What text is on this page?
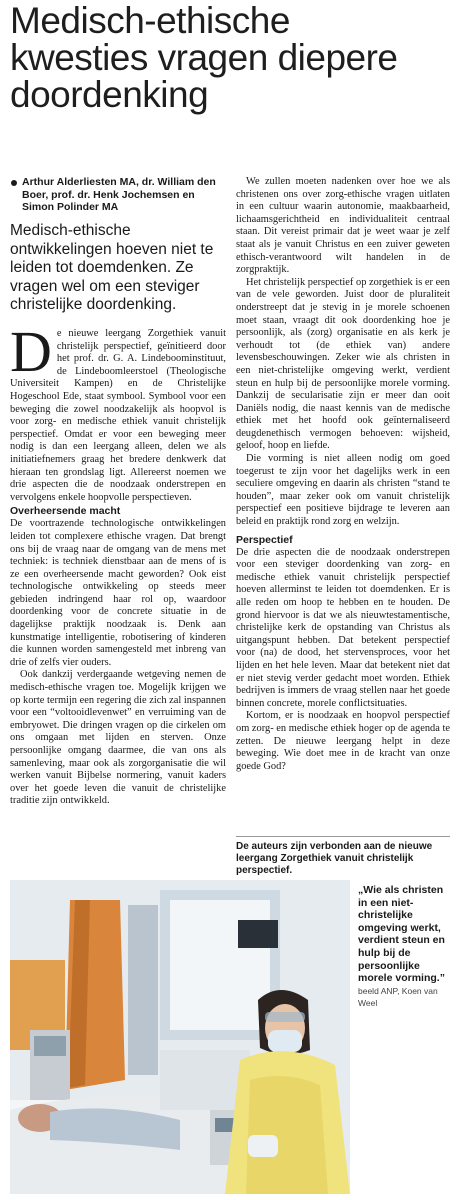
Medisch-ethische
kwesties vragen diepere
doordenking
Arthur Alderliesten MA, dr. William den Boer, prof. dr. Henk Jochemsen en Simon Polinder MA
Medisch-ethische ontwikkelingen hoeven niet te leiden tot doemdenken. Ze vragen wel om een steviger christelijke doordenking.

De nieuwe leergang Zorgethiek vanuit christelijk perspectief, geïnitieerd door het prof. dr. G. A. Lindeboominstituut, de Lindeboomleerstoel (Theologische Universiteit Kampen) en de Christelijke Hogeschool Ede, staat symbool. Symbool voor een beweging die zowel noodzakelijk als hoopvol is voor zorg- en medische ethiek vanuit christelijk perspectief. Omdat er voor een beweging meer nodig is dan een leergang alleen, delen we als initiatiefnemers graag het bredere denkwerk dat hieraan ten grondslag ligt. Allereerst noemen we drie aspecten die de noodzaak onderstrepen en vervolgens enkele hoopvolle perspectieven.

Overheersende macht

De voortrazende technologische ontwikkelingen leiden tot complexere ethische vragen. Dat brengt ons bij de vraag naar de omgang van de mens met techniek: is techniek dienstbaar aan de mens of is ze een overheersende macht geworden? Ook eist technologische ontwikkeling op steeds meer gebieden indringend haar rol op, waardoor doordenking voor de concrete situatie in de dagelijkse praktijk noodzaak is. Denk aan kunstmatige intelligentie, robotisering of kinderen die kunnen worden samengesteld met inbreng van drie of zelfs vier ouders.

Ook dankzij verdergaande wetgeving nemen de medisch-ethische vragen toe. Mogelijk krijgen we op korte termijn een regering die zich zal inspannen voor een “voltooidlevenwet” en verruiming van de embryowet. Die dringen vragen op die cirkelen om ons omgaan met lijden en sterven. Onze persoonlijke omgang daarmee, die van ons als samenleving, maar ook als zorgorganisatie die wil werken vanuit Bijbelse normering, vanuit kaders over het goede leven die vanuit de christelijke traditie zijn ontwikkeld.

We zullen moeten nadenken over hoe we als christenen ons over zorg-ethische vragen uitlaten in een cultuur waarin autonomie, maakbaarheid, lichaamsgerichtheid en individualiteit centraal staan. Dit vereist primair dat je weet waar je zelf staat als je vanuit Christus en een zuiver geweten ethisch-verantwoord wilt handelen in de zorgpraktijk.

Het christelijk perspectief op zorgethiek is er een van de vele geworden. Juist door de pluraliteit onderstreept dat je stevig in je morele schoenen moet staan, vraagt dit ook doordenking hoe je persoonlijk, als (zorg) organisatie en als kerk je verhoudt tot (de ethiek van) andere levensbeschouwingen. Zeker wie als christen in een niet-christelijke omgeving werkt, verdient steun en hulp bij de persoonlijke morele vorming. Dankzij de secularisatie zijn er meer dan ooit Daniëls nodig, die naast kennis van de medische ethiek met het hoofd ook geïnternaliseerd deugdenethisch vermogen behoeven: wijsheid, geloof, hoop en liefde.

Die vorming is niet alleen nodig om goed toegerust te zijn voor het dagelijks werk in een seculiere omgeving en daarin als christen “stand te houden”, maar zeker ook om vanuit christelijk perspectief een positieve bijdrage te leveren aan beleid en praktijk rond zorg en welzijn.

Perspectief

De drie aspecten die de noodzaak onderstrepen voor een steviger doordenking van zorg- en medische ethiek vanuit christelijk perspectief hoeven allerminst te leiden tot doemdenken. Er is alle reden om hoop te hebben en te houden. De grond hiervoor is dat we als nieuwtestamentische, christelijke kerk de opstanding van Christus als uitgangspunt hebben. Dat betekent perspectief voor (na) de dood, het stervensproces, voor het lijden en het hele leven. Maar dat betekent niet dat er niet stevig verder gedacht moet worden. Ethiek bedrijven is immers de vraag stellen naar het goede binnen concrete, morele conflictsituaties.

Kortom, er is noodzaak en hoopvol perspectief om zorg- en medische ethiek hoger op de agenda te zetten. De nieuwe leergang helpt in deze beweging. Wie doet mee in de kracht van onze goede God?

De auteurs zijn verbonden aan de nieuwe leergang Zorgethiek vanuit christelijk perspectief.
„Wie als christen in een niet-christelijke omgeving werkt, verdient steun en hulp bij de persoonlijke morele vorming.” beeld ANP, Koen van Weel
